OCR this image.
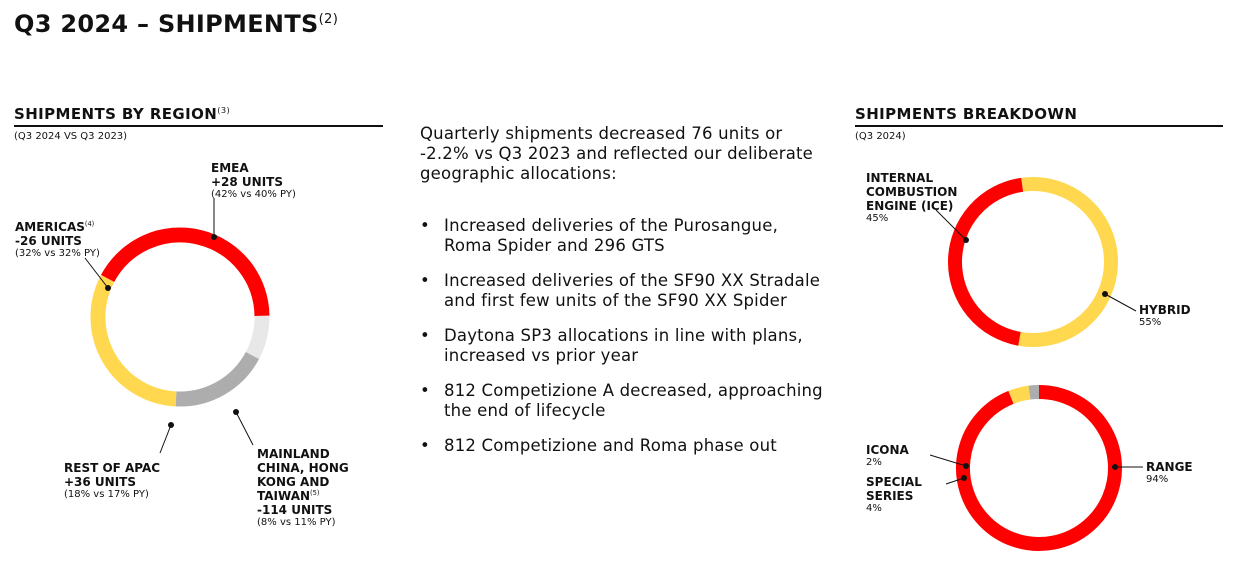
Q3 2024 – SHIPMENTS$^{(2)}$
SHIPMENTS BY REGION$^{(3)}$
(Q3 2024 VS Q3 2023)
SHIPMENTS BREAKDOWN
(Q3 2024)
Quarterly shipments decreased 76 units or -2.2% vs Q3 2023 and reflected our deliberate geographic allocations:
• Increased deliveries of the Purosangue, Roma Spider and 296 GTS
• Increased deliveries of the SF90 XX Stradale and first few units of the SF90 XX Spider
• Daytona SP3 allocations in line with plans, increased vs prior year
• 812 Competizione A decreased, approaching the end of lifecycle
• 812 Competizione and Roma phase out
EMEA
+28 UNITS
(42% vs 40% PY)
AMERICAS$^{(4)}$
-26 UNITS
(32% vs 32% PY)
REST OF APAC
+36 UNITS
(18% vs 17% PY)
MAINLAND CHINA, HONG KONG AND TAIWAN$^{(5)}$
-114 UNITS
(8% vs 11% PY)
INTERNAL COMBUSTION ENGINE (ICE)
45%
HYBRID
55%
ICONA
2%
SPECIAL SERIES
4%
RANGE
94%
